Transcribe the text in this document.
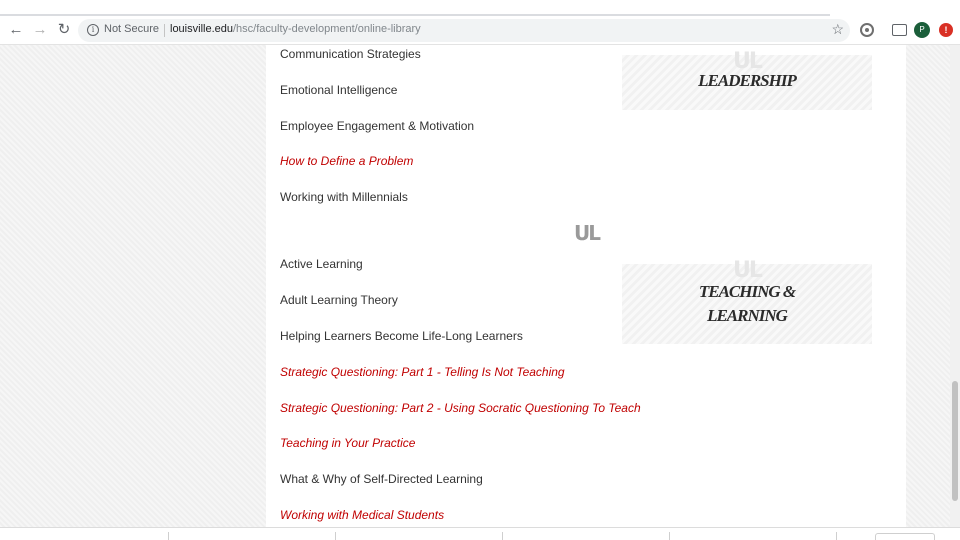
← → ↻	i Not Secure louisville.edu/hsc/faculty-development/online-library	☆	P	!
Communication Strategies
Emotional Intelligence
Employee Engagement & Motivation
How to Define a Problem
Working with Millennials
UL
LEADERSHIP
UL
Active Learning
Adult Learning Theory
Helping Learners Become Life-Long Learners
Strategic Questioning: Part 1 - Telling Is Not Teaching
Strategic Questioning: Part 2 - Using Socratic Questioning To Teach
Teaching in Your Practice
What & Why of Self-Directed Learning
Working with Medical Students
UL
TEACHING &
LEARNING
